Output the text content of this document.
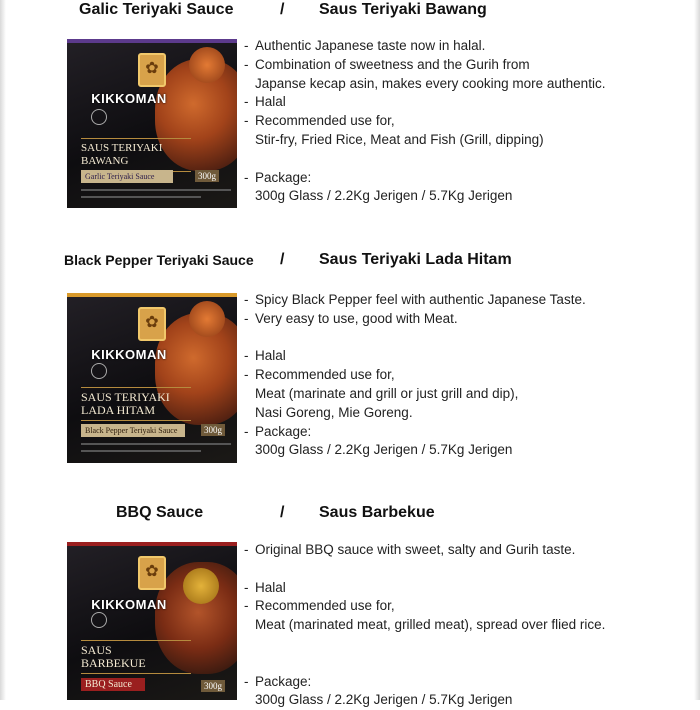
Galic Teriyaki Sauce	/ Saus Teriyaki Bawang
✿
KIKKOMAN
SAUS TERIYAKI
BAWANG
Garlic Teriyaki Sauce	300g
- Authentic Japanese taste now in halal.
- Combination of sweetness and the Gurih from
Japanse kecap asin, makes every cooking more authentic.
- Halal
- Recommended use for,
Stir-fry, Fried Rice, Meat and Fish (Grill, dipping)
- Package:
300g Glass / 2.2Kg Jerigen / 5.7Kg Jerigen
Black Pepper Teriyaki Sauce / Saus Teriyaki Lada Hitam
✿
KIKKOMAN
SAUS TERIYAKI
LADA HITAM
Black Pepper Teriyaki Sauce	300g
- Spicy Black Pepper feel with authentic Japanese Taste.
- Very easy to use, good with Meat.
- Halal
- Recommended use for,
Meat (marinate and grill or just grill and dip),
Nasi Goreng, Mie Goreng.
- Package:
300g Glass / 2.2Kg Jerigen / 5.7Kg Jerigen
BBQ Sauce	/ Saus Barbekue
✿
KIKKOMAN
SAUS
BARBEKUE
BBQ Sauce	300g
- Original BBQ sauce with sweet, salty and Gurih taste.
- Halal
- Recommended use for,
Meat (marinated meat, grilled meat), spread over flied rice.
- Package:
300g Glass / 2.2Kg Jerigen / 5.7Kg Jerigen
